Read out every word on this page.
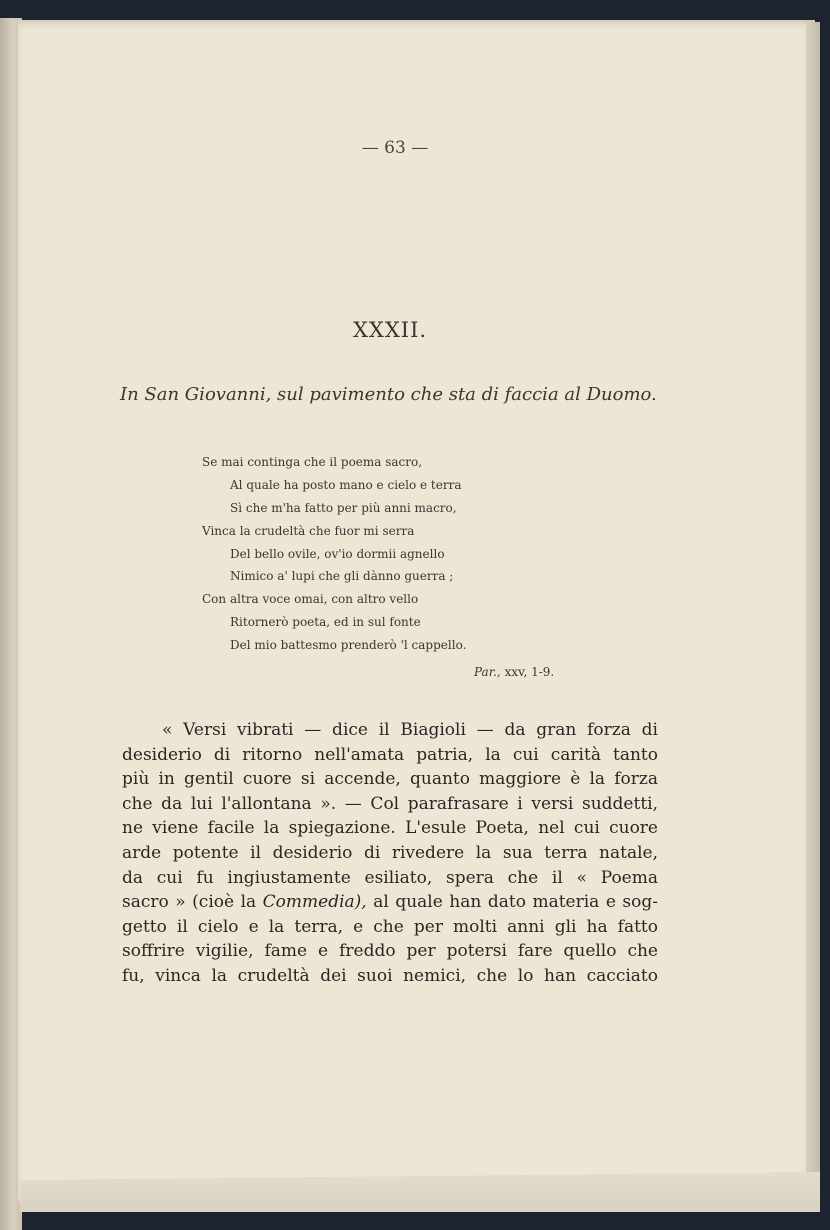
— 63 —
XXXII.
In San Giovanni, sul pavimento che sta di faccia al Duomo.
Se mai continga che il poema sacro,
Al quale ha posto mano e cielo e terra
Sì che m'ha fatto per più anni macro,
Vinca la crudeltà che fuor mi serra
Del bello ovile, ov'io dormii agnello
Nimico a' lupi che gli dànno guerra ;
Con altra voce omai, con altro vello
Ritornerò poeta, ed in sul fonte
Del mio battesmo prenderò 'l cappello.
Par., xxv, 1-9.
« Versi vibrati — dice il Biagioli — da gran forza di
desiderio di ritorno nell'amata patria, la cui carità tanto
più in gentil cuore si accende, quanto maggiore è la forza
che da lui l'allontana ». — Col parafrasare i versi suddetti,
ne viene facile la spiegazione. L'esule Poeta, nel cui cuore
arde potente il desiderio di rivedere la sua terra natale,
da cui fu ingiustamente esiliato, spera che il « Poema
sacro » (cioè la Commedia), al quale han dato materia e sog-
getto il cielo e la terra, e che per molti anni gli ha fatto
soffrire vigilie, fame e freddo per potersi fare quello che
fu, vinca la crudeltà dei suoi nemici, che lo han cacciato
